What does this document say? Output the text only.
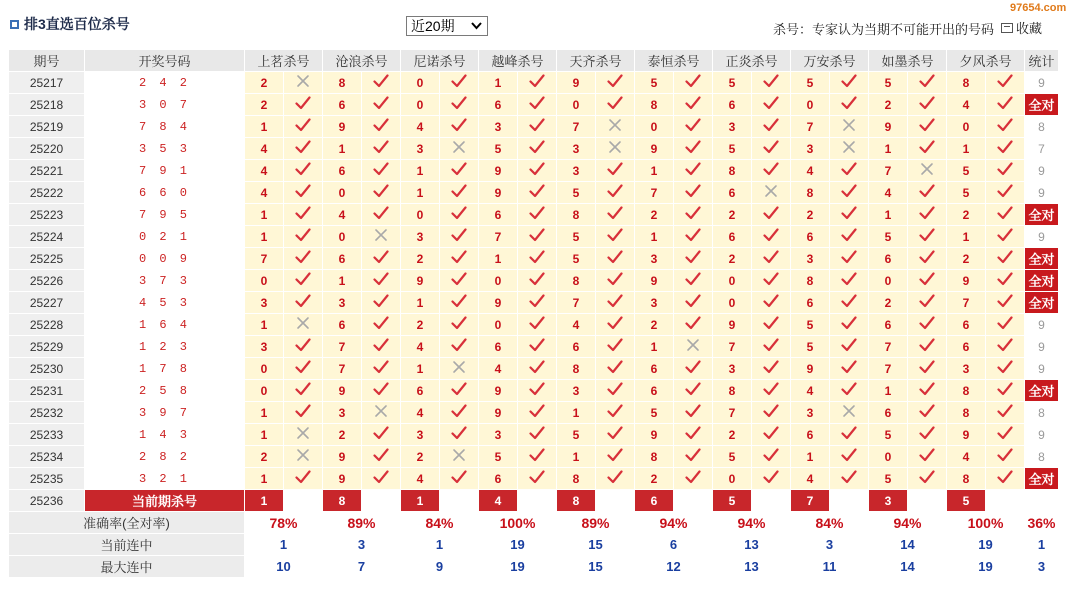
排3直选百位杀号	近20期	杀号：专家认为当期不可能开出的号码 收藏
97654.com
期号	开奖号码	上茗杀号		沧浪杀号		尼诺杀号		越峰杀号		天齐杀号		泰恒杀号		正炎杀号		万安杀号		如墨杀号		夕风杀号		统计
25217	2 4 2	2		8		0		1		9		5		5		5		5		8		9
25218	3 0 7	2		6		0		6		0		8		6		0		2		4		全对
25219	7 8 4	1		9		4		3		7		0		3		7		9		0		8
25220	3 5 3	4		1		3		5		3		9		5		3		1		1		7
25221	7 9 1	4		6		1		9		3		1		8		4		7		5		9
25222	6 6 0	4		0		1		9		5		7		6		8		4		5		9
25223	7 9 5	1		4		0		6		8		2		2		2		1		2		全对
25224	0 2 1	1		0		3		7		5		1		6		6		5		1		9
25225	0 0 9	7		6		2		1		5		3		2		3		6		2		全对
25226	3 7 3	0		1		9		0		8		9		0		8		0		9		全对
25227	4 5 3	3		3		1		9		7		3		0		6		2		7		全对
25228	1 6 4	1		6		2		0		4		2		9		5		6		6		9
25229	1 2 3	3		7		4		6		6		1		7		5		7		6		9
25230	1 7 8	0		7		1		4		8		6		3		9		7		3		9
25231	2 5 8	0		9		6		9		3		6		8		4		1		8		全对
25232	3 9 7	1		3		4		9		1		5		7		3		6		8		8
25233	1 4 3	1		2		3		3		5		9		2		6		5		9		9
25234	2 8 2	2		9		2		5		1		8		5		1		0		4		8
25235	3 2 1	1		9		4		6		8		2		0		4		5		8		全对
25236	当前期杀号	1		8		1		4		8		6		5		7		3		5		
准确率(全对率)		78%		89%		84%		100%		89%		94%		94%		84%		94%		100%		36%
当前连中		1		3		1		19		15		6		13		3		14		19		1
最大连中		10		7		9		19		15		12		13		11		14		19		3
